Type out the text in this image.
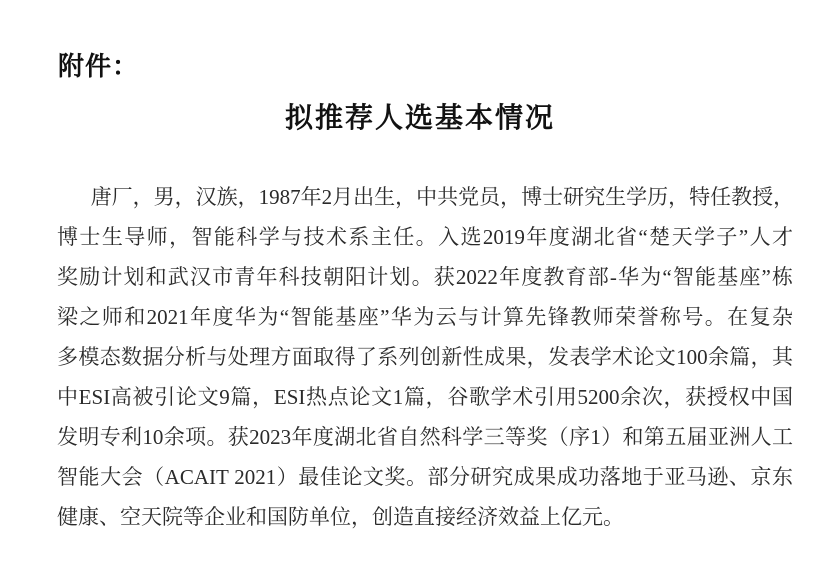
附件：
拟推荐人选基本情况
唐厂，男，汉族，1987年2月出生，中共党员，博士研究生学历，特任教授，
博士生导师，智能科学与技术系主任。入选2019年度湖北省“楚天学子”人才
奖励计划和武汉市青年科技朝阳计划。获2022年度教育部-华为“智能基座”栋
梁之师和2021年度华为“智能基座”华为云与计算先锋教师荣誉称号。在复杂
多模态数据分析与处理方面取得了系列创新性成果，发表学术论文100余篇，其
中ESI高被引论文9篇，ESI热点论文1篇，谷歌学术引用5200余次，获授权中国
发明专利10余项。获2023年度湖北省自然科学三等奖（序1）和第五届亚洲人工
智能大会（ACAIT 2021）最佳论文奖。部分研究成果成功落地于亚马逊、京东
健康、空天院等企业和国防单位，创造直接经济效益上亿元。
